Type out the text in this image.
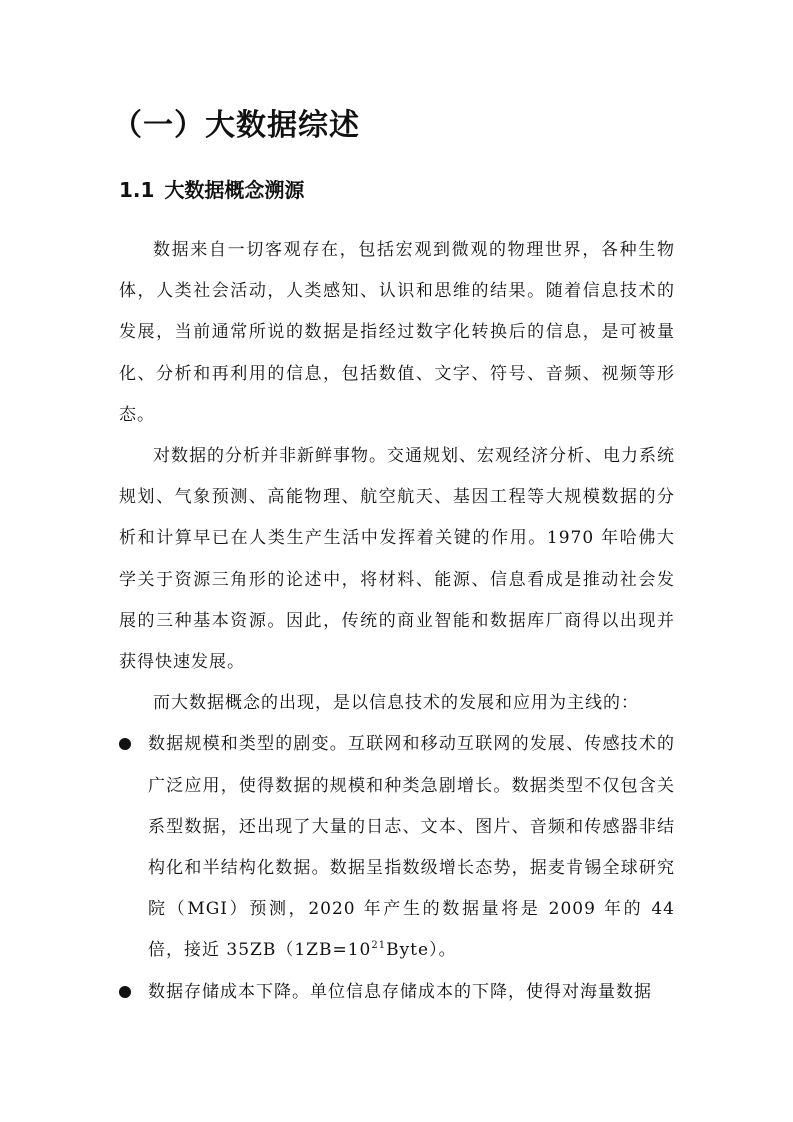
（一）大数据综述
1.1 大数据概念溯源

数据来自一切客观存在，包括宏观到微观的物理世界，各种生物体，人类社会活动，人类感知、认识和思维的结果。随着信息技术的发展，当前通常所说的数据是指经过数字化转换后的信息，是可被量化、分析和再利用的信息，包括数值、文字、符号、音频、视频等形态。

对数据的分析并非新鲜事物。交通规划、宏观经济分析、电力系统规划、气象预测、高能物理、航空航天、基因工程等大规模数据的分析和计算早已在人类生产生活中发挥着关键的作用。1970 年哈佛大学关于资源三角形的论述中，将材料、能源、信息看成是推动社会发展的三种基本资源。因此，传统的商业智能和数据库厂商得以出现并获得快速发展。

而大数据概念的出现，是以信息技术的发展和应用为主线的：

数据规模和类型的剧变。互联网和移动互联网的发展、传感技术的广泛应用，使得数据的规模和种类急剧增长。数据类型不仅包含关系型数据，还出现了大量的日志、文本、图片、音频和传感器非结构化和半结构化数据。数据呈指数级增长态势，据麦肯锡全球研究院（MGI）预测，2020 年产生的数据量将是 2009 年的 44 倍，接近 $35ZB(1ZB=10^{21}Byte)$。
数据存储成本下降。单位信息存储成本的下降，使得对海量数据
